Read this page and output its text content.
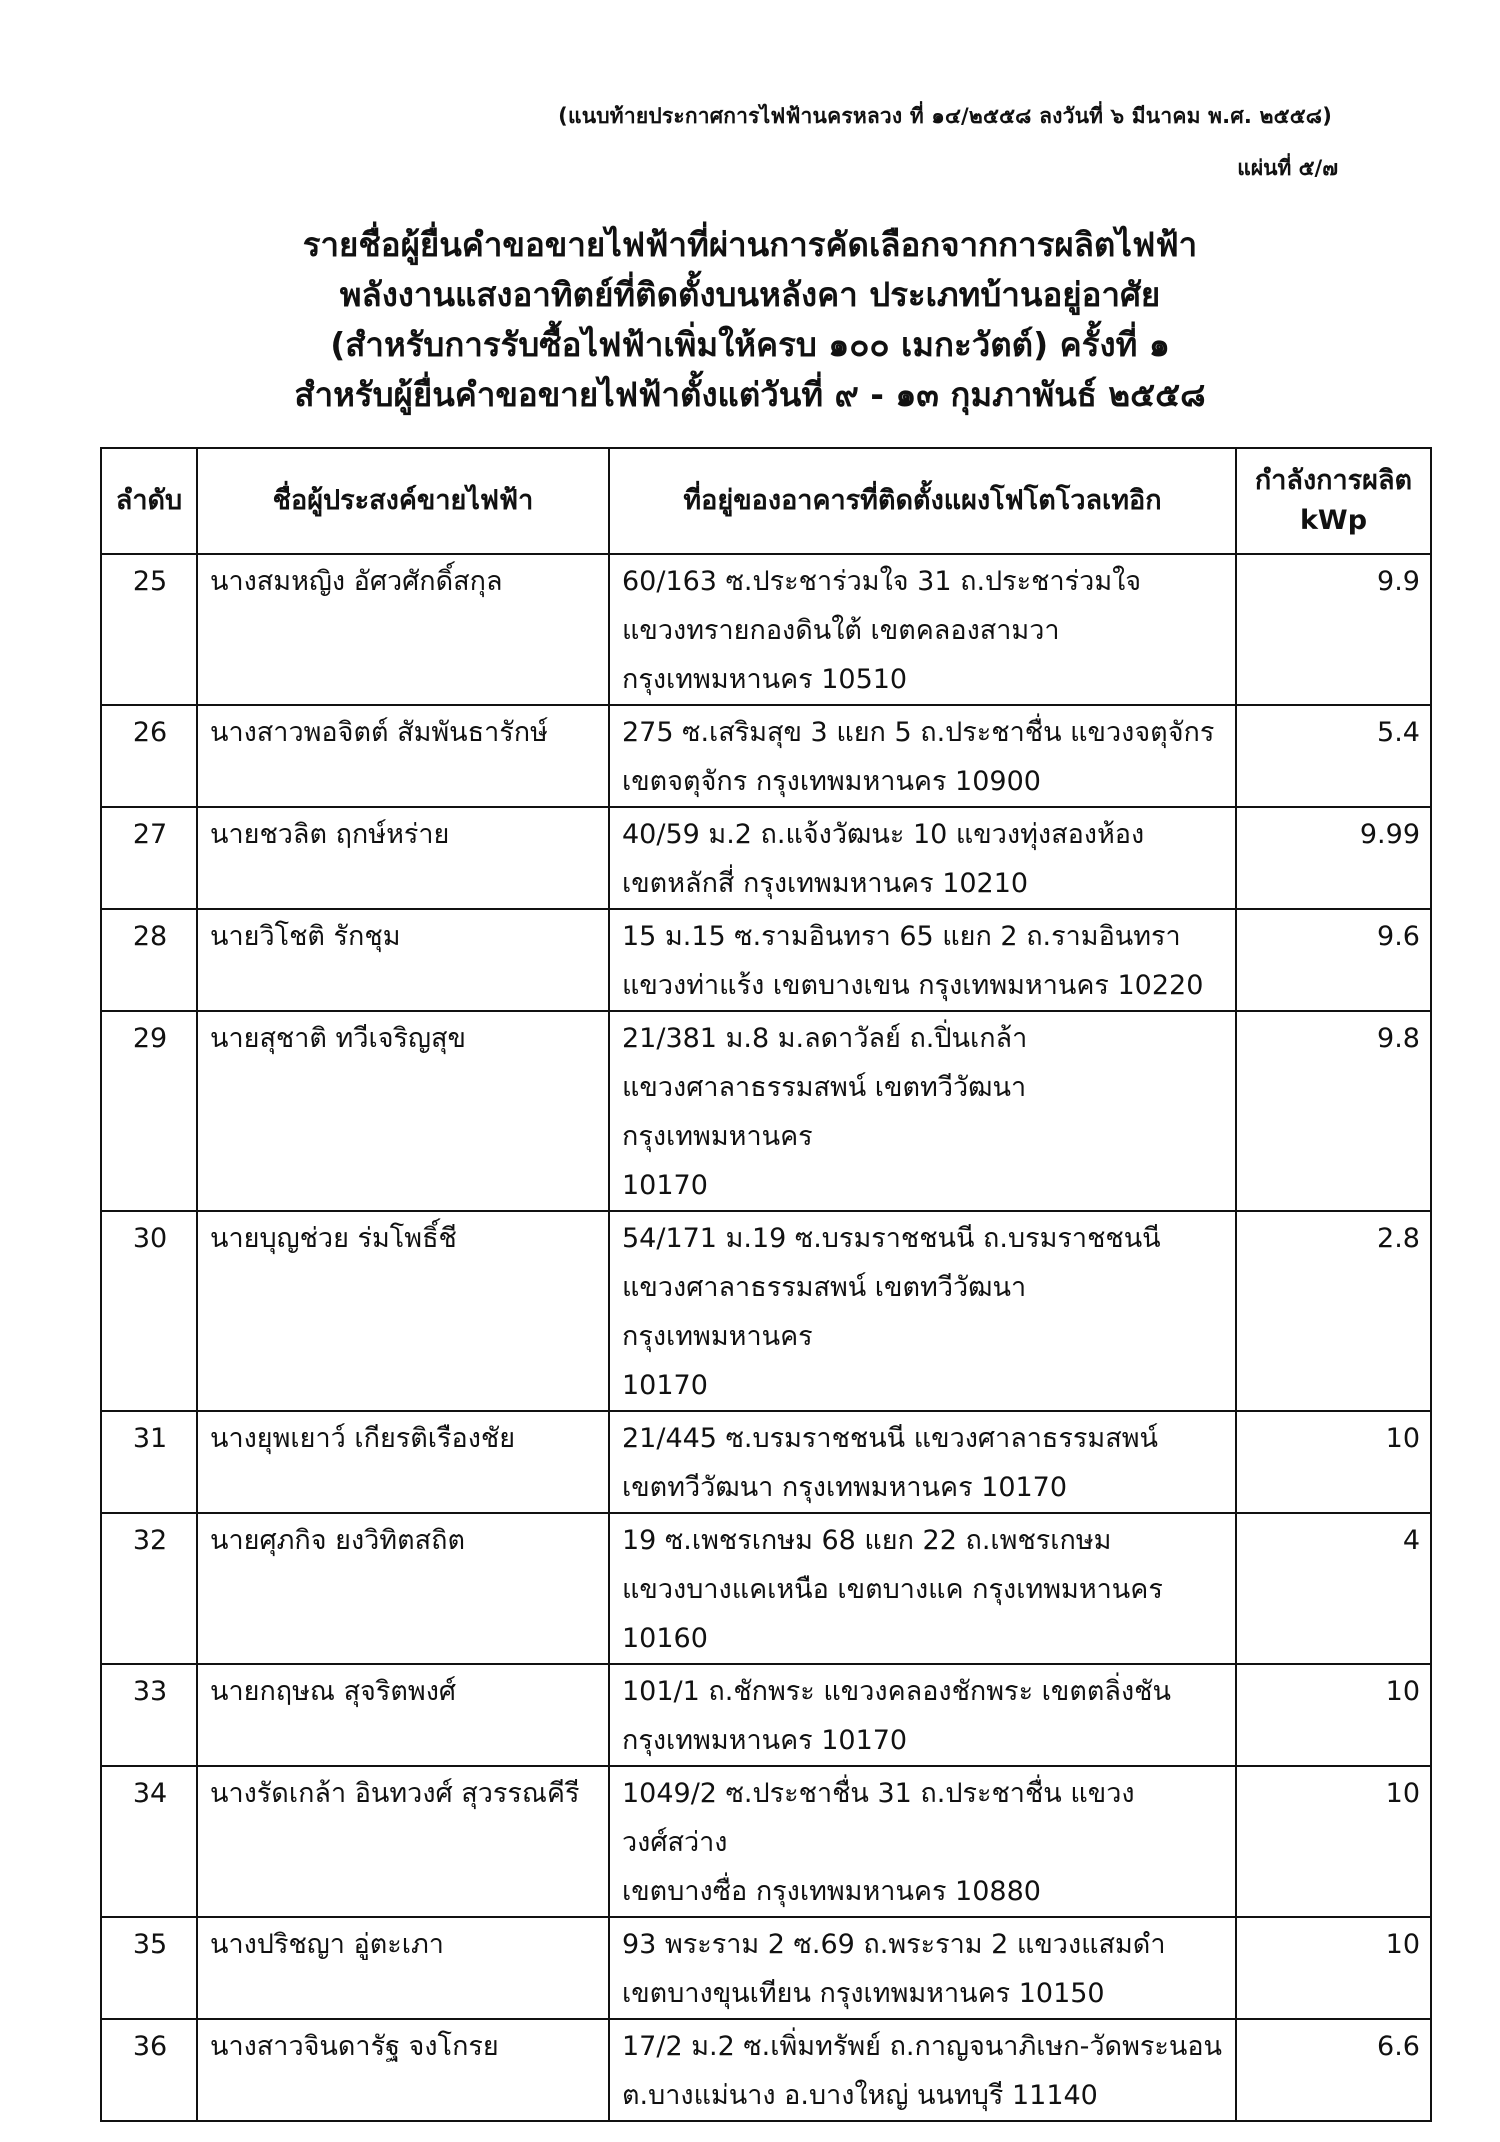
(แนบท้ายประกาศการไฟฟ้านครหลวง ที่ ๑๔/๒๕๕๘ ลงวันที่ ๖ มีนาคม พ.ศ. ๒๕๕๘)
แผ่นที่ ๕/๗
รายชื่อผู้ยื่นคำขอขายไฟฟ้าที่ผ่านการคัดเลือกจากการผลิตไฟฟ้า
พลังงานแสงอาทิตย์ที่ติดตั้งบนหลังคา ประเภทบ้านอยู่อาศัย
(สำหรับการรับซื้อไฟฟ้าเพิ่มให้ครบ ๑๐๐ เมกะวัตต์) ครั้งที่ ๑
สำหรับผู้ยื่นคำขอขายไฟฟ้าตั้งแต่วันที่ ๙ - ๑๓ กุมภาพันธ์ ๒๕๕๘
ลำดับ	ชื่อผู้ประสงค์ขายไฟฟ้า	ที่อยู่ของอาคารที่ติดตั้งแผงโฟโตโวลเทอิก	กำลังการผลิต
kWp

25	นางสมหญิง อัศวศักดิ์สกุล	60/163 ซ.ประชาร่วมใจ 31 ถ.ประชาร่วมใจ
แขวงทรายกองดินใต้ เขตคลองสามวา
กรุงเทพมหานคร 10510	9.9
26	นางสาวพอจิตต์ สัมพันธารักษ์	275 ซ.เสริมสุข 3 แยก 5 ถ.ประชาชื่น แขวงจตุจักร
เขตจตุจักร กรุงเทพมหานคร 10900	5.4
27	นายชวลิต ฤกษ์หร่าย	40/59 ม.2 ถ.แจ้งวัฒนะ 10 แขวงทุ่งสองห้อง
เขตหลักสี่ กรุงเทพมหานคร 10210	9.99
28	นายวิโชติ รักชุม	15 ม.15 ซ.รามอินทรา 65 แยก 2 ถ.รามอินทรา
แขวงท่าแร้ง เขตบางเขน กรุงเทพมหานคร 10220	9.6
29	นายสุชาติ ทวีเจริญสุข	21/381 ม.8 ม.ลดาวัลย์ ถ.ปิ่นเกล้า
แขวงศาลาธรรมสพน์ เขตทวีวัฒนา กรุงเทพมหานคร
10170	9.8
30	นายบุญช่วย ร่มโพธิ์ชี	54/171 ม.19 ซ.บรมราชชนนี ถ.บรมราชชนนี
แขวงศาลาธรรมสพน์ เขตทวีวัฒนา กรุงเทพมหานคร
10170	2.8
31	นางยุพเยาว์ เกียรติเรืองชัย	21/445 ซ.บรมราชชนนี แขวงศาลาธรรมสพน์
เขตทวีวัฒนา กรุงเทพมหานคร 10170	10
32	นายศุภกิจ ยงวิทิตสถิต	19 ซ.เพชรเกษม 68 แยก 22 ถ.เพชรเกษม
แขวงบางแคเหนือ เขตบางแค กรุงเทพมหานคร
10160	4
33	นายกฤษณ สุจริตพงศ์	101/1 ถ.ชักพระ แขวงคลองชักพระ เขตตลิ่งชัน
กรุงเทพมหานคร 10170	10
34	นางรัดเกล้า อินทวงศ์ สุวรรณคีรี	1049/2 ซ.ประชาชื่น 31 ถ.ประชาชื่น แขวงวงศ์สว่าง
เขตบางซื่อ กรุงเทพมหานคร 10880	10
35	นางปริชญา อู่ตะเภา	93 พระราม 2 ซ.69 ถ.พระราม 2 แขวงแสมดำ
เขตบางขุนเทียน กรุงเทพมหานคร 10150	10
36	นางสาวจินดารัฐ จงโกรย	17/2 ม.2 ซ.เพิ่มทรัพย์ ถ.กาญจนาภิเษก-วัดพระนอน
ต.บางแม่นาง อ.บางใหญ่ นนทบุรี 11140	6.6
